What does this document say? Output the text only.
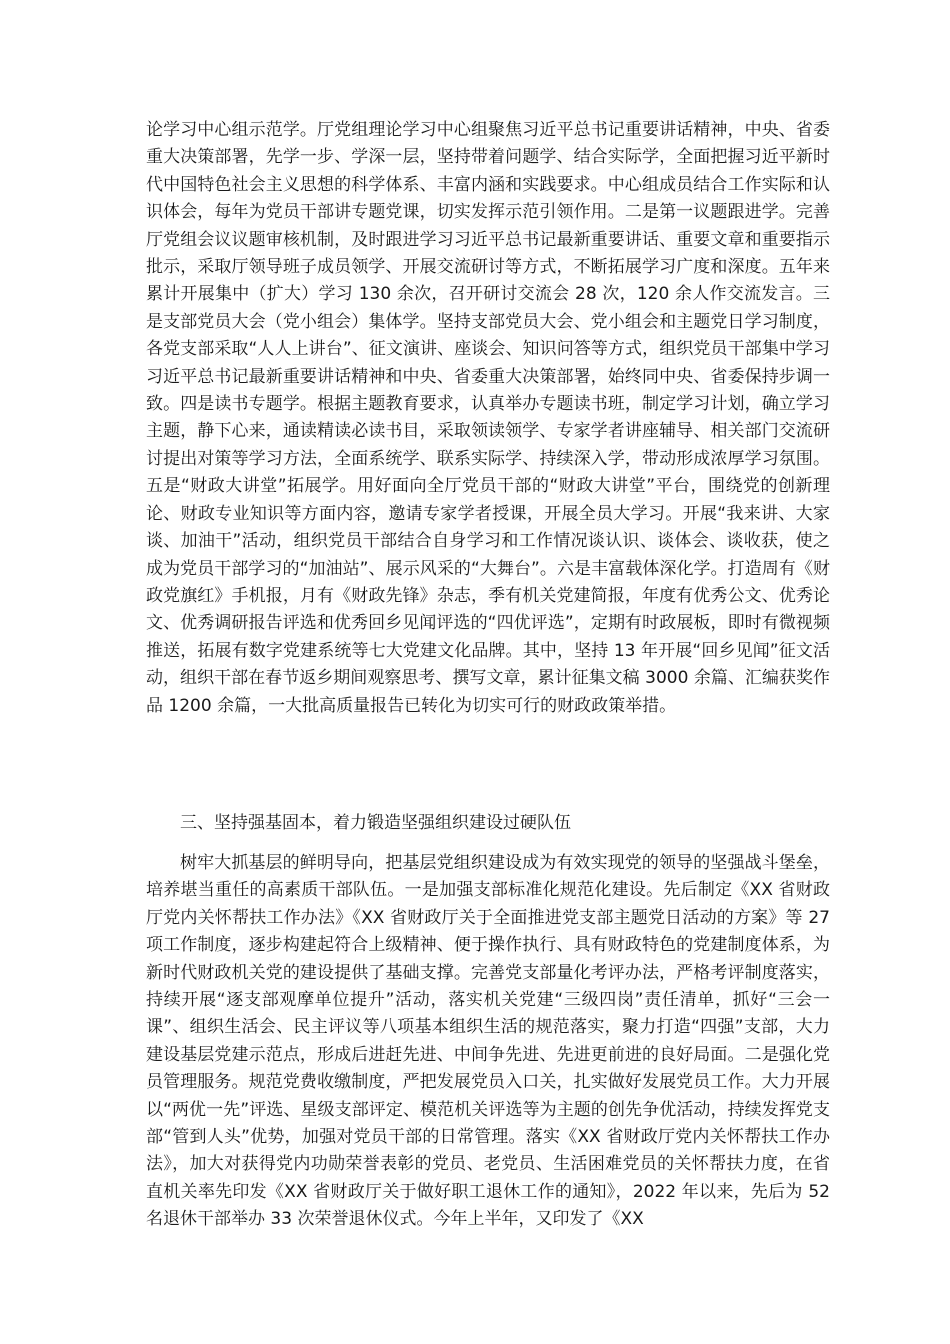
论学习中心组示范学。厅党组理论学习中心组聚焦习近平总书记重要讲话精神，中央、省委重大决策部署，先学一步、学深一层，坚持带着问题学、结合实际学，全面把握习近平新时代中国特色社会主义思想的科学体系、丰富内涵和实践要求。中心组成员结合工作实际和认识体会，每年为党员干部讲专题党课，切实发挥示范引领作用。二是第一议题跟进学。完善厅党组会议议题审核机制，及时跟进学习习近平总书记最新重要讲话、重要文章和重要指示批示，采取厅领导班子成员领学、开展交流研讨等方式，不断拓展学习广度和深度。五年来累计开展集中（扩大）学习 130 余次，召开研讨交流会 28 次，120 余人作交流发言。三是支部党员大会（党小组会）集体学。坚持支部党员大会、党小组会和主题党日学习制度，各党支部采取“人人上讲台”、征文演讲、座谈会、知识问答等方式，组织党员干部集中学习习近平总书记最新重要讲话精神和中央、省委重大决策部署，始终同中央、省委保持步调一致。四是读书专题学。根据主题教育要求，认真举办专题读书班，制定学习计划，确立学习主题，静下心来，通读精读必读书目，采取领读领学、专家学者讲座辅导、相关部门交流研讨提出对策等学习方法，全面系统学、联系实际学、持续深入学，带动形成浓厚学习氛围。五是“财政大讲堂”拓展学。用好面向全厅党员干部的“财政大讲堂”平台，围绕党的创新理论、财政专业知识等方面内容，邀请专家学者授课，开展全员大学习。开展“我来讲、大家谈、加油干”活动，组织党员干部结合自身学习和工作情况谈认识、谈体会、谈收获，使之成为党员干部学习的“加油站”、展示风采的“大舞台”。六是丰富载体深化学。打造周有《财政党旗红》手机报，月有《财政先锋》杂志，季有机关党建简报，年度有优秀公文、优秀论文、优秀调研报告评选和优秀回乡见闻评选的“四优评选”，定期有时政展板，即时有微视频推送，拓展有数字党建系统等七大党建文化品牌。其中，坚持 13 年开展“回乡见闻”征文活动，组织干部在春节返乡期间观察思考、撰写文章，累计征集文稿 3000 余篇、汇编获奖作品 1200 余篇，一大批高质量报告已转化为切实可行的财政政策举措。

三、坚持强基固本，着力锻造坚强组织建设过硬队伍

树牢大抓基层的鲜明导向，把基层党组织建设成为有效实现党的领导的坚强战斗堡垒，培养堪当重任的高素质干部队伍。一是加强支部标准化规范化建设。先后制定《XX 省财政厅党内关怀帮扶工作办法》《XX 省财政厅关于全面推进党支部主题党日活动的方案》等 27 项工作制度，逐步构建起符合上级精神、便于操作执行、具有财政特色的党建制度体系，为新时代财政机关党的建设提供了基础支撑。完善党支部量化考评办法，严格考评制度落实，持续开展“逐支部观摩单位提升”活动，落实机关党建“三级四岗”责任清单，抓好“三会一课”、组织生活会、民主评议等八项基本组织生活的规范落实，聚力打造“四强”支部，大力建设基层党建示范点，形成后进赶先进、中间争先进、先进更前进的良好局面。二是强化党员管理服务。规范党费收缴制度，严把发展党员入口关，扎实做好发展党员工作。大力开展以“两优一先”评选、星级支部评定、模范机关评选等为主题的创先争优活动，持续发挥党支部“管到人头”优势，加强对党员干部的日常管理。落实《XX 省财政厅党内关怀帮扶工作办法》，加大对获得党内功勋荣誉表彰的党员、老党员、生活困难党员的关怀帮扶力度，在省直机关率先印发《XX 省财政厅关于做好职工退休工作的通知》，2022 年以来，先后为 52 名退休干部举办 33 次荣誉退休仪式。今年上半年，又印发了《XX
